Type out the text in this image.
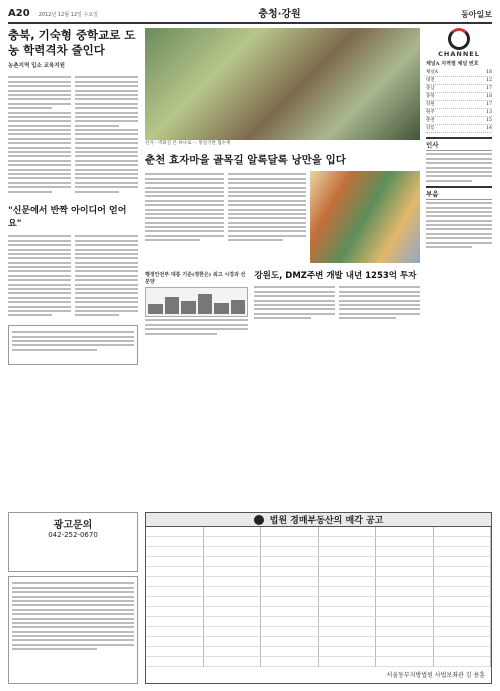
A20 2012년 12월 12일 수요일	충청·강원	동아일보
충북, 기숙형 중학교로 도농 학력격차 줄인다
농촌지역 입소 교육지원
"신문에서 반짝 아이디어 얻어요"
선자 - 벽화길 본 하나로 ··· 통일기반 협수계
춘천 효자마을 골목길 알록달록 낭만을 입다
행정안전부 대통 기준(정한은) 최고 시경과 선분양
강원도, DMZ주변 개발 내년 1253억 투자
CHANNEL
채널A 지역별 채널 번호
채널A	18
대전	12
충남	17
충북	18
강원	17
원주	13
춘천	15
강릉	14
인사
부음
광고문의
042-252-0670
법원 경매부동산의 매각 공고
서울동부지방법원 사법보좌관 김 용훈
